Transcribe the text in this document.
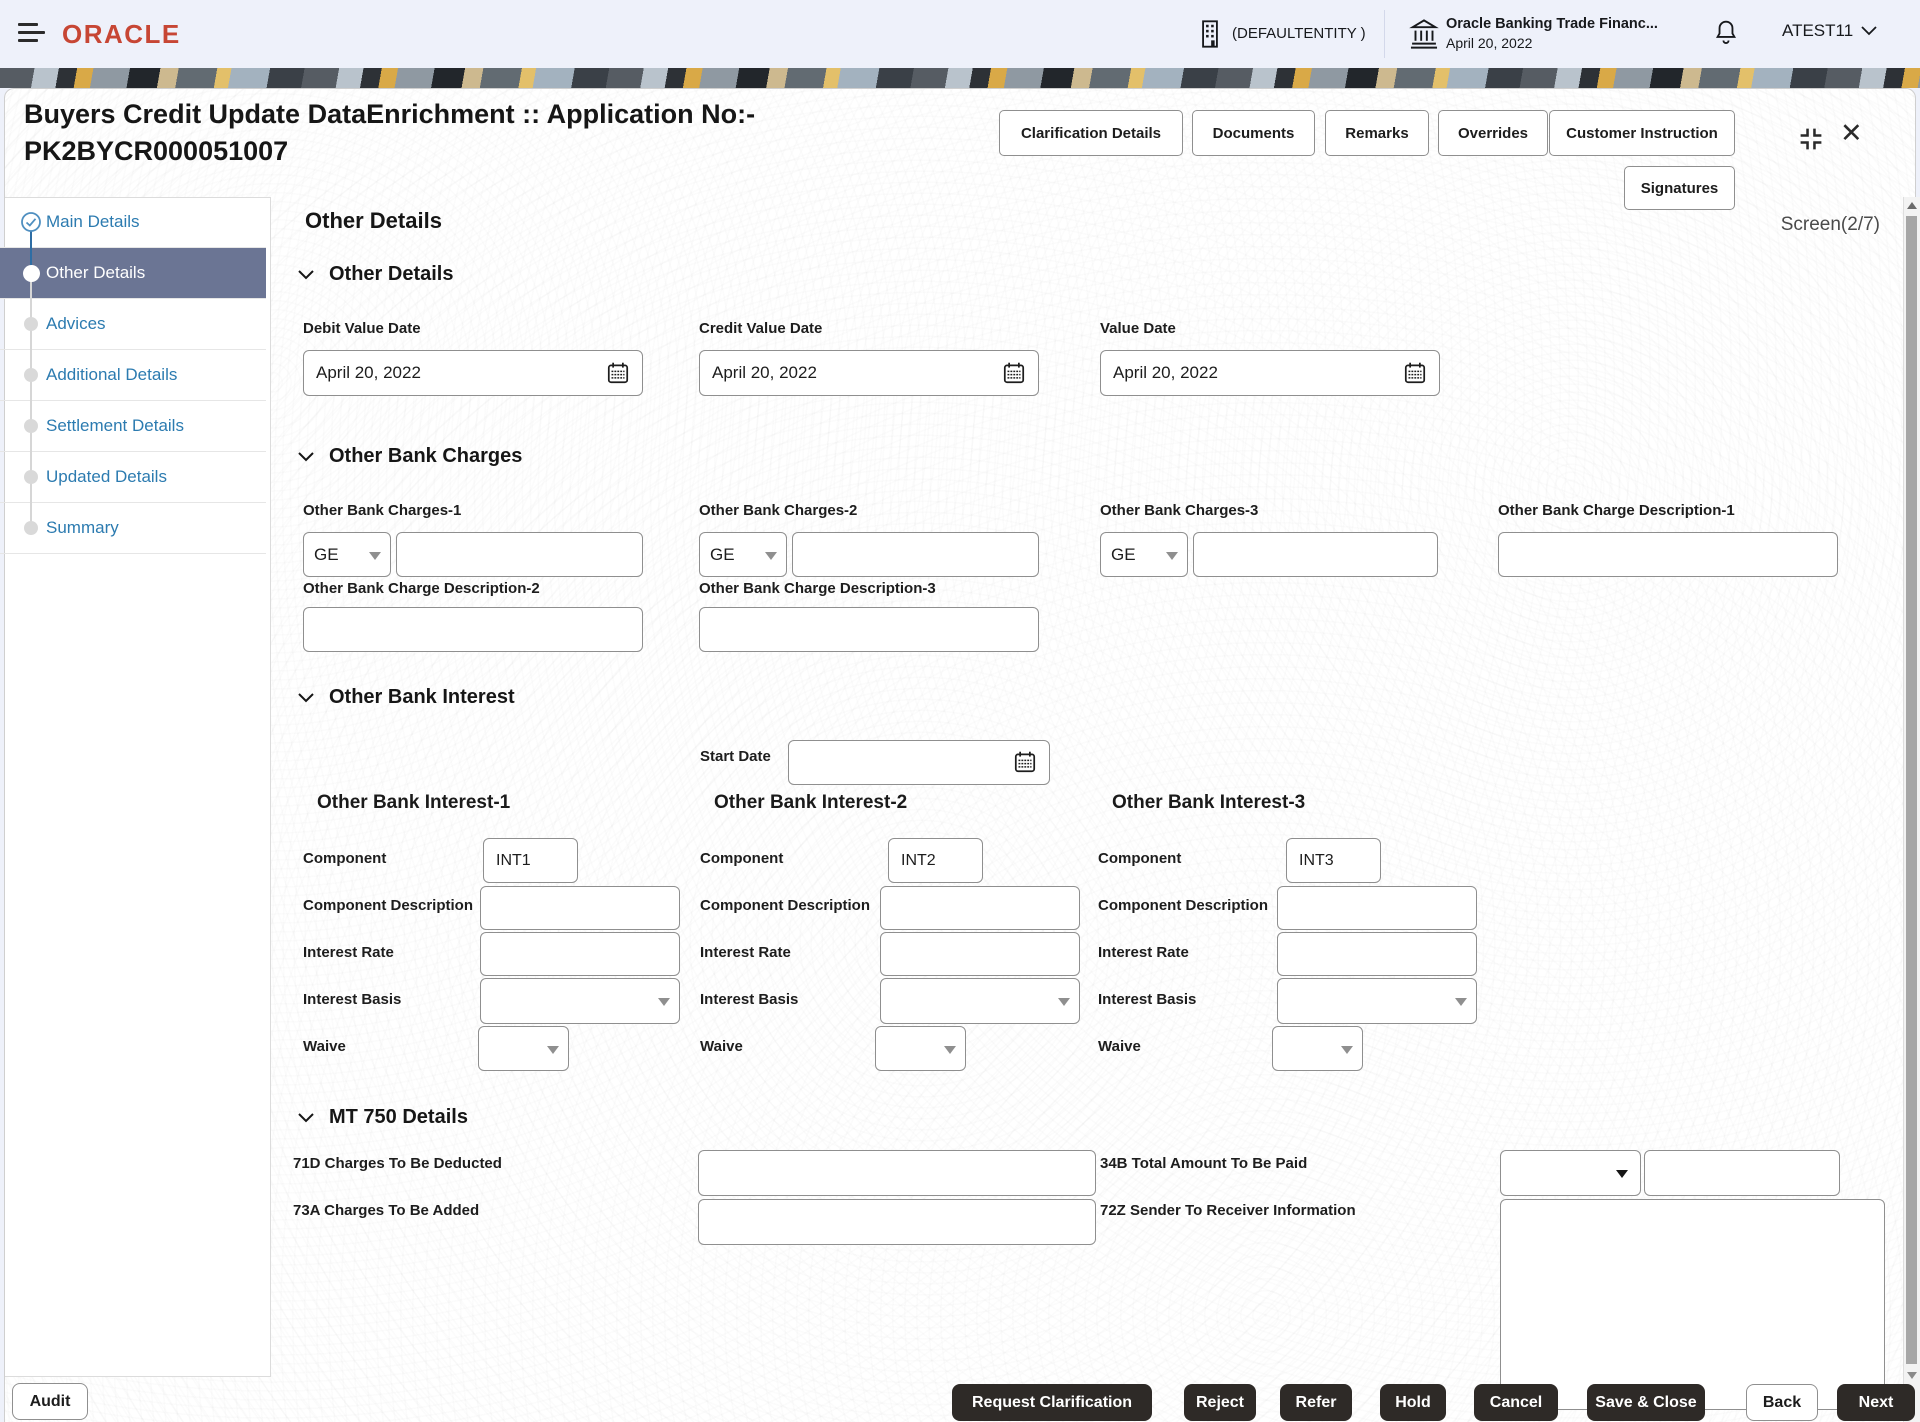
ORACLE	(DEFAULTENTITY )
Oracle Banking Trade Financ...
April 20, 2022
ATEST11
Buyers Credit Update DataEnrichment :: Application No:-
PK2BYCR000051007
Clarification Details	Documents	Remarks	Overrides	Customer Instruction
Signatures
✕
Main Details
Other Details
Advices
Additional Details
Settlement Details
Updated Details
Summary
Other Details	Screen(2/7)
Other Details
Debit Value Date	Credit Value Date	Value Date
April 20, 2022
April 20, 2022
April 20, 2022
Other Bank Charges
Other Bank Charges-1	Other Bank Charges-2	Other Bank Charges-3	Other Bank Charge Description-1
GE	GE	GE
Other Bank Charge Description-2	Other Bank Charge Description-3
Other Bank Interest
Start Date
Other Bank Interest-1	Other Bank Interest-2	Other Bank Interest-3
Component
INT1
Component Description
Interest Rate
Interest Basis
Waive
Component
INT2
Component Description
Interest Rate
Interest Basis
Waive
Component
INT3
Component Description
Interest Rate
Interest Basis
Waive
MT 750 Details
71D Charges To Be Deducted	34B Total Amount To Be Paid
73A Charges To Be Added	72Z Sender To Receiver Information
Audit	Request Clarification	Reject	Refer	Hold	Cancel	Save & Close	Back	Next
